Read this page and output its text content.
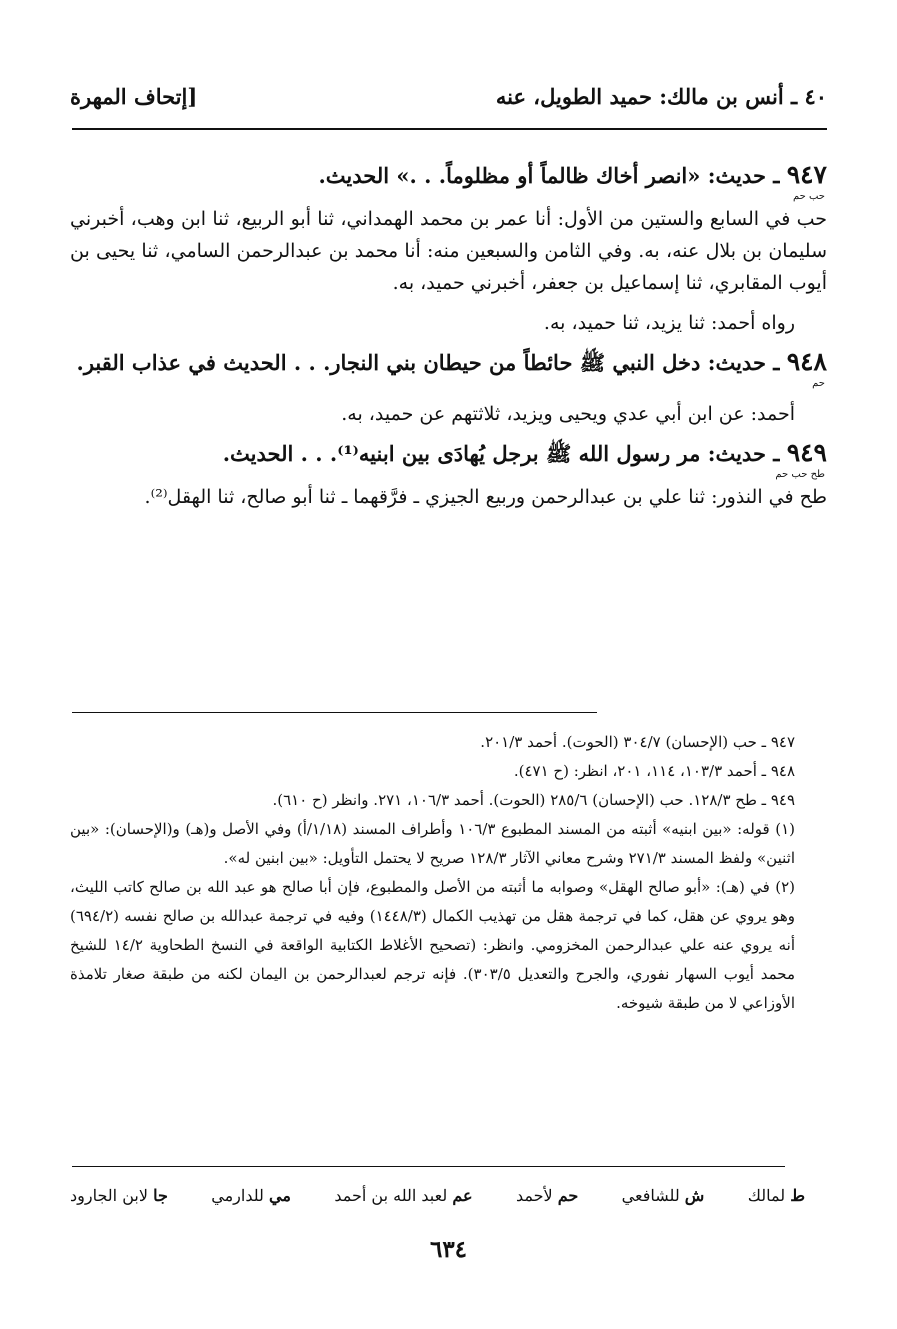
٤٠ ـ أنس بن مالك: حميد الطويل، عنه
[إتحاف المهرة
٩٤٧ ـ حديث: «انصر أخاك ظالماً أو مظلوماً. . .» الحديث.
حب حم

حب في السابع والستين من الأول: أنا عمر بن محمد الهمداني، ثنا أبو الربيع، ثنا ابن وهب، أخبرني سليمان بن بلال عنه، به. وفي الثامن والسبعين منه: أنا محمد بن عبدالرحمن السامي، ثنا يحيى بن أيوب المقابري، ثنا إسماعيل بن جعفر، أخبرني حميد، به.

رواه أحمد: ثنا يزيد، ثنا حميد، به.

٩٤٨ ـ حديث: دخل النبي ﷺ حائطاً من حيطان بني النجار. . . الحديث في عذاب القبر.
حم

أحمد: عن ابن أبي عدي ويحيى ويزيد، ثلاثتهم عن حميد، به.

٩٤٩ ـ حديث: مر رسول الله ﷺ برجل يُهادَى بين ابنيه⁽¹⁾. . . الحديث.
طح حب حم

طح في النذور: ثنا علي بن عبدالرحمن وربيع الجيزي ـ فرَّقهما ـ ثنا أبو صالح، ثنا الهقل⁽²⁾.

٩٤٧ ـ حب (الإحسان) ٣٠٤/٧ (الحوت). أحمد ٢٠١/٣.

٩٤٨ ـ أحمد ١٠٣/٣، ١١٤، ٢٠١، انظر: (ح ٤٧١).

٩٤٩ ـ طح ١٢٨/٣. حب (الإحسان) ٢٨٥/٦ (الحوت). أحمد ١٠٦/٣، ٢٧١. وانظر (ح ٦١٠).

(١) قوله: «بين ابنيه» أثبته من المسند المطبوع ١٠٦/٣ وأطراف المسند (١/١٨/أ) وفي الأصل و(هـ) و(الإحسان): «بين اثنين» ولفظ المسند ٢٧١/٣ وشرح معاني الآثار ١٢٨/٣ صريح لا يحتمل التأويل: «بين ابنين له».

(٢) في (هـ): «أبو صالح الهقل» وصوابه ما أثبته من الأصل والمطبوع، فإن أبا صالح هو عبد الله بن صالح كاتب الليث، وهو يروي عن هقل، كما في ترجمة هقل من تهذيب الكمال (١٤٤٨/٣) وفيه في ترجمة عبدالله بن صالح نفسه (٦٩٤/٢) أنه يروي عنه علي عبدالرحمن المخزومي. وانظر: (تصحيح الأغلاط الكتابية الواقعة في النسخ الطحاوية ١٤/٢ للشيخ محمد أيوب السهار نفوري، والجرح والتعديل ٣٠٣/٥). فإنه ترجم لعبدالرحمن بن اليمان لكنه من طبقة صغار تلامذة الأوزاعي لا من طبقة شيوخه.

ط لمالك
ش للشافعي
حم لأحمد
عم لعبد الله بن أحمد
مي للدارمي
جا لابن الجارود
٦٣٤
